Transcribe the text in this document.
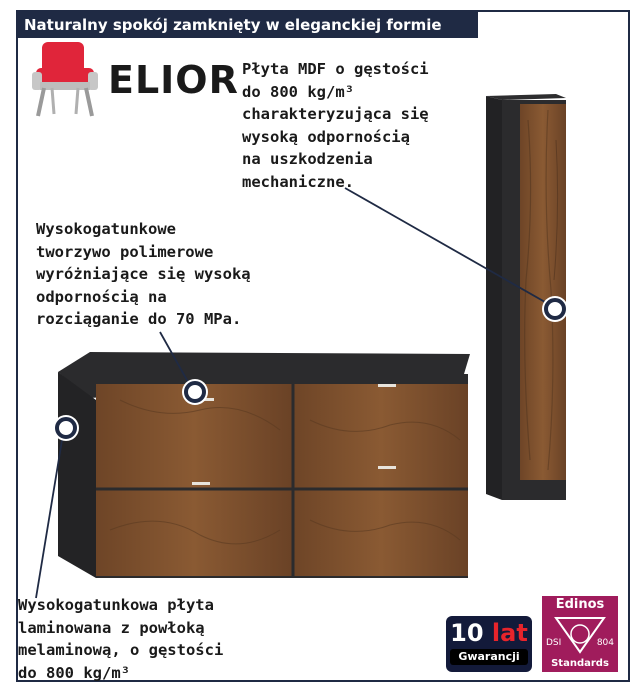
Naturalny spokój zamknięty w eleganckiej formie
ELIOR Płyta MDF o gęstości
do 800 kg/m³
charakteryzująca się
wysoką odpornością
na uszkodzenia
mechaniczne.
Wysokogatunkowe
tworzywo polimerowe
wyróżniające się wysoką
odpornością na
rozciąganie do 70 MPa.
Wysokogatunkowa płyta
laminowana z powłoką
melaminową, o gęstości
do 800 kg/m³
10 lat
Gwarancji
Edinos
DSI	804
Standards
